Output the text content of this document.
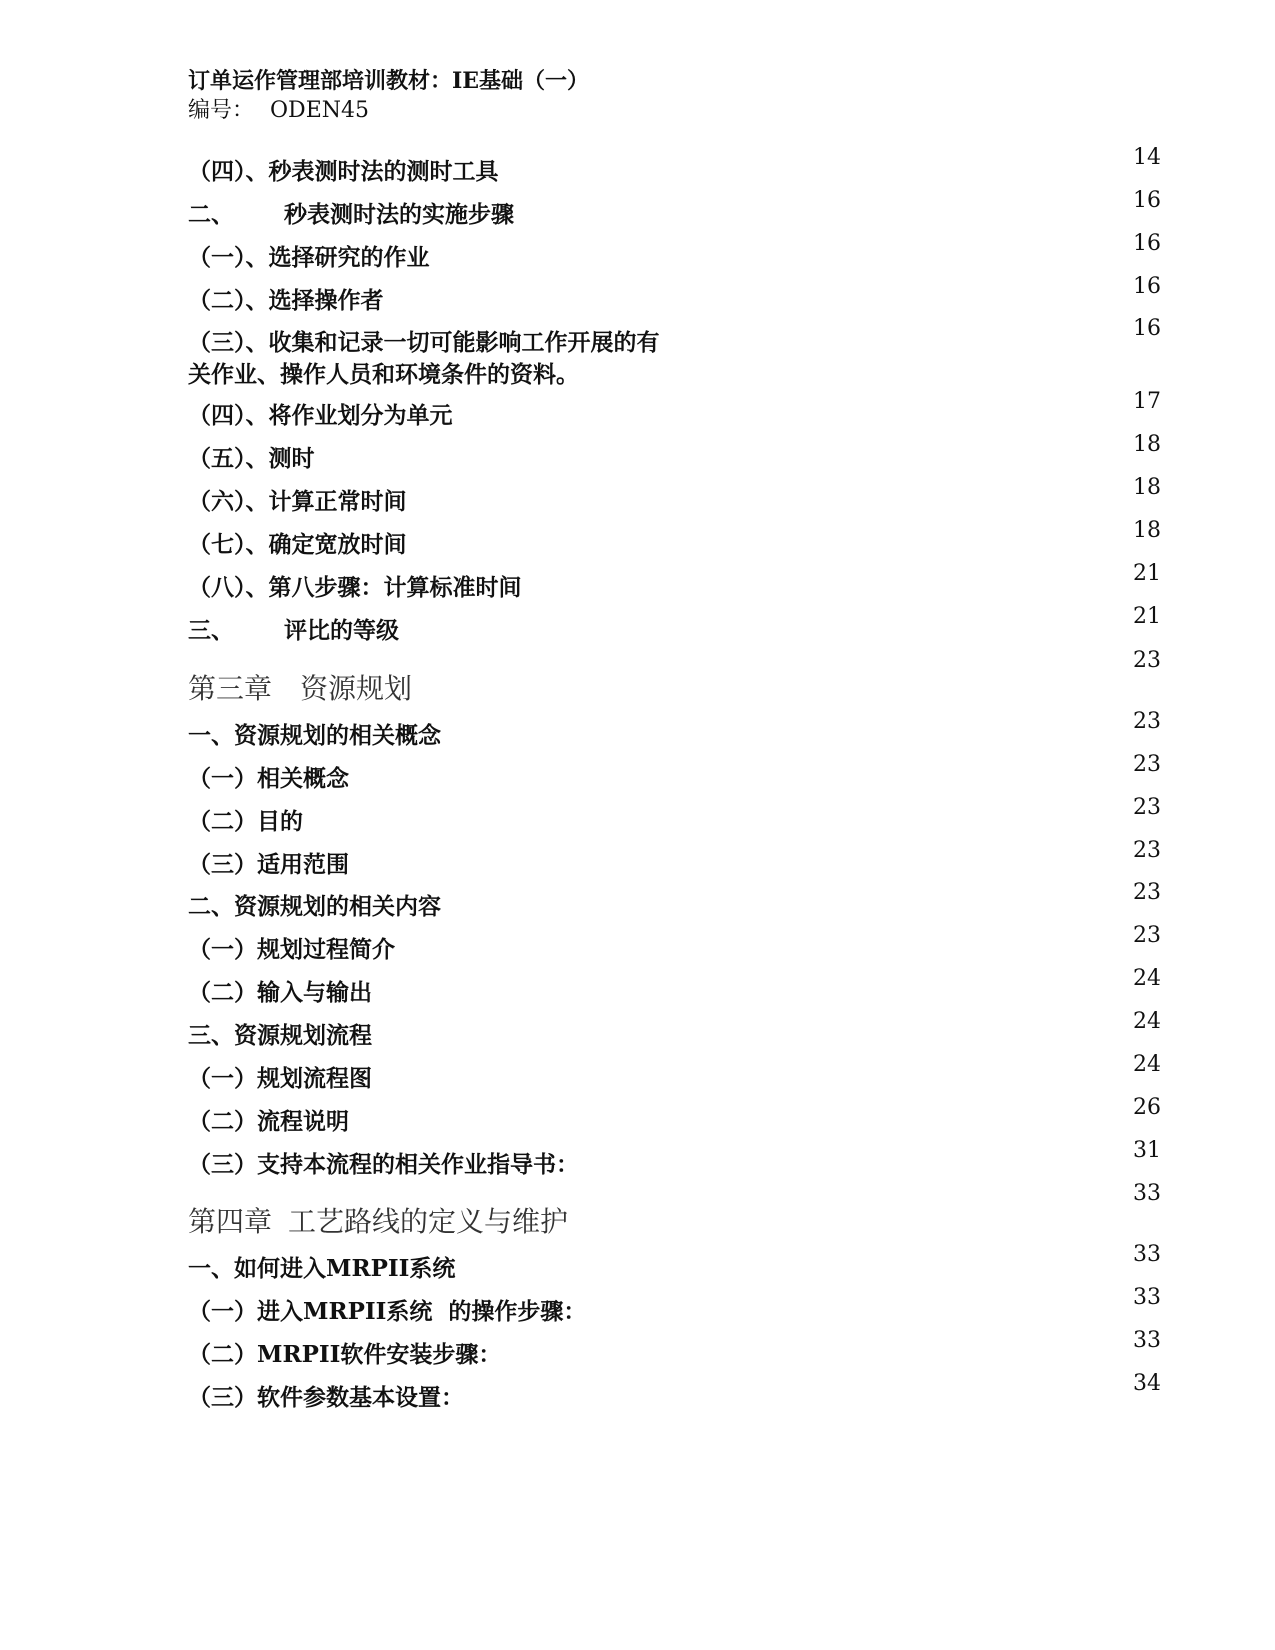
订单运作管理部培训教材：IE基础（一）
编号： ODEN45
（四）、秒表测时法的测时工具
14
二、 秒表测时法的实施步骤
16
（一）、选择研究的作业
16
（二）、选择操作者
16
（三）、收集和记录一切可能影响工作开展的有关作业、操作人员和环境条件的资料。
16
（四）、将作业划分为单元
17
（五）、测时
18
（六）、计算正常时间
18
（七）、确定宽放时间
18
（八）、第八步骤：计算标准时间
21
三、 评比的等级
21
第三章 资源规划
23
一、资源规划的相关概念
23
（一）相关概念
23
（二）目的
23
（三）适用范围
23
二、资源规划的相关内容
23
（一）规划过程简介
23
（二）输入与输出
24
三、资源规划流程
24
（一）规划流程图
24
（二）流程说明
26
（三）支持本流程的相关作业指导书：
31
第四章 工艺路线的定义与维护
33
一、如何进入MRPII系统
33
（一）进入MRPII系统  的操作步骤：
33
（二）MRPII软件安装步骤：
33
（三）软件参数基本设置：
34
